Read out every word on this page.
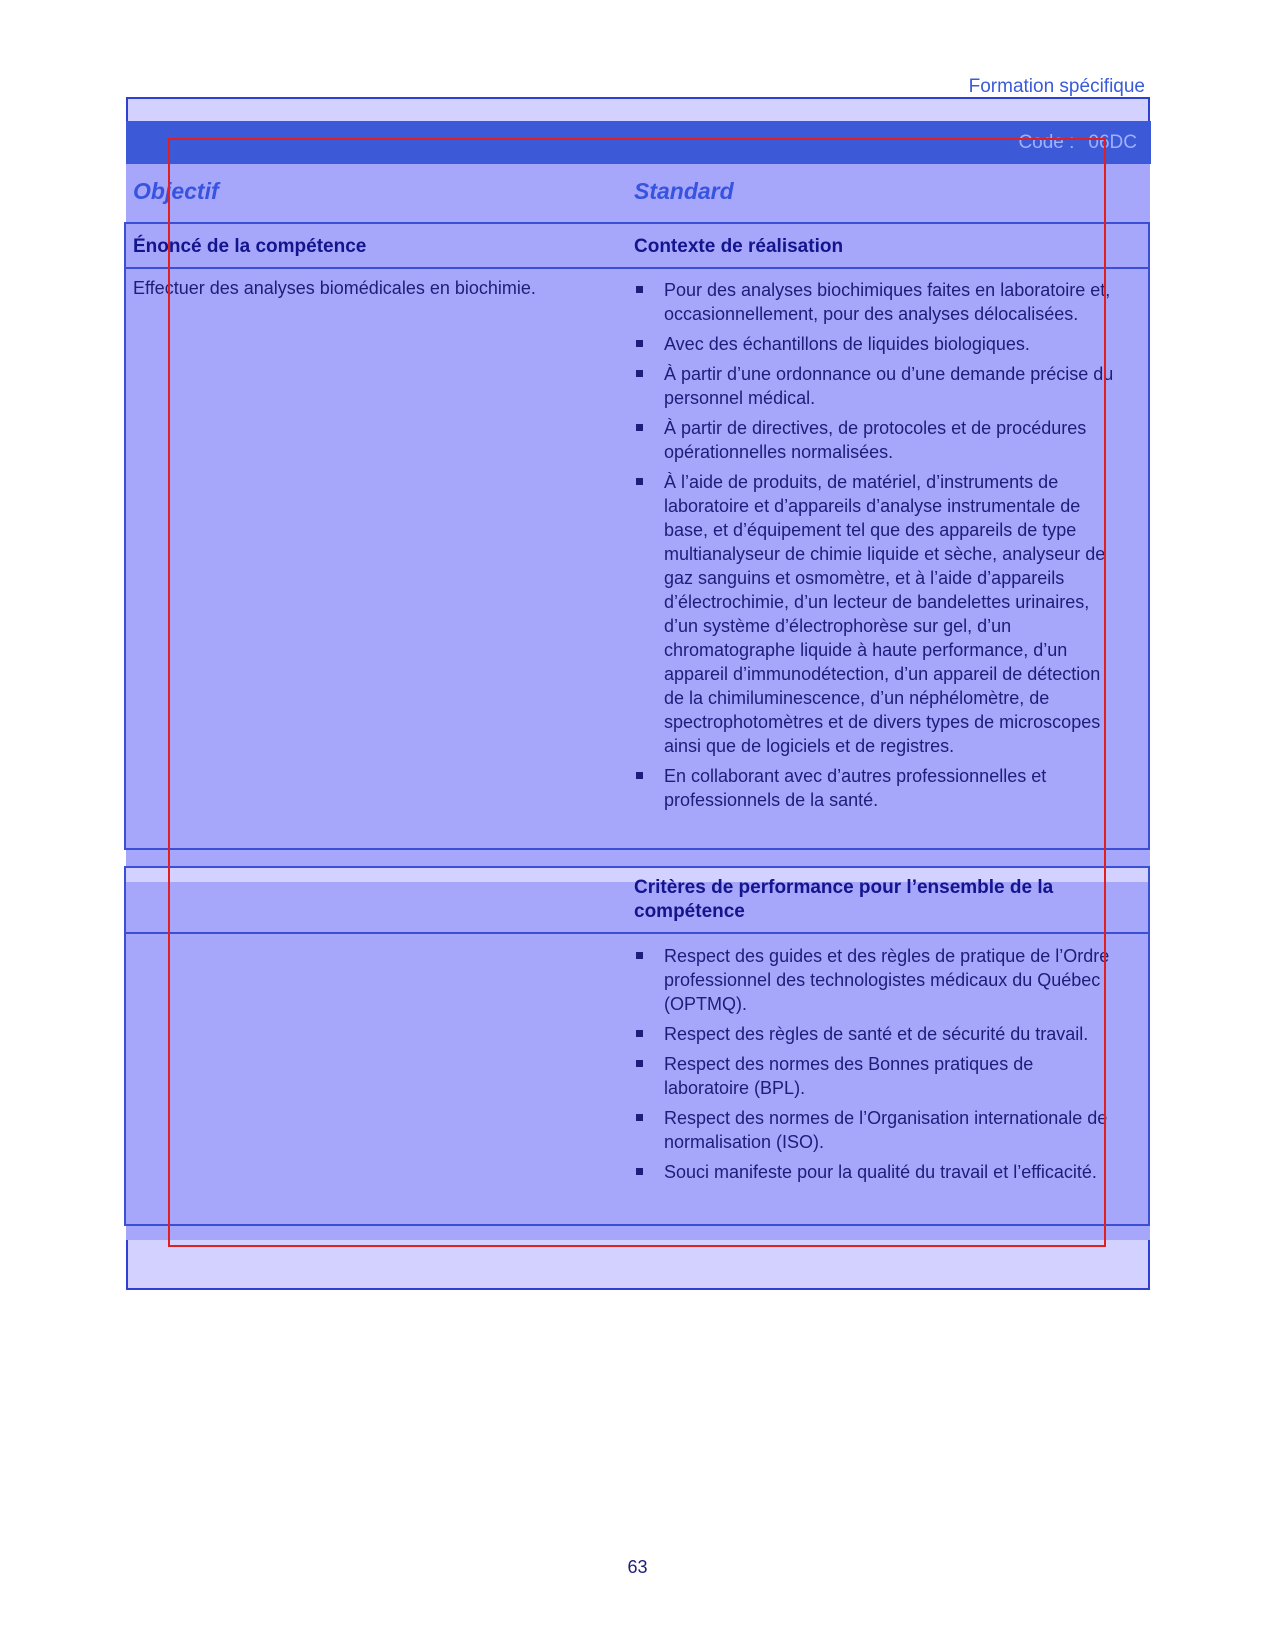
Formation spécifique
Code : 06DC
Objectif	Standard
Énoncé de la compétence	Contexte de réalisation
Effectuer des analyses biomédicales en biochimie.	Pour des analyses biochimiques faites en laboratoire et, occasionnellement, pour des analyses délocalisées.
Avec des échantillons de liquides biologiques.
À partir d’une ordonnance ou d’une demande précise du personnel médical.
À partir de directives, de protocoles et de procédures opérationnelles normalisées.
À l’aide de produits, de matériel, d’instruments de laboratoire et d’appareils d’analyse instrumentale de base, et d’équipement tel que des appareils de type multianalyseur de chimie liquide et sèche, analyseur de gaz sanguins et osmomètre, et à l’aide d’appareils d’électrochimie, d’un lecteur de bandelettes urinaires, d’un système d’électrophorèse sur gel, d’un chromatographe liquide à haute performance, d’un appareil d’immunodétection, d’un appareil de détection de la chimiluminescence, d’un néphélomètre, de spectrophotomètres et de divers types de microscopes ainsi que de logiciels et de registres.
En collaborant avec d’autres professionnelles et professionnels de la santé.
Critères de performance pour l’ensemble de la compétence
Respect des guides et des règles de pratique de l’Ordre professionnel des technologistes médicaux du Québec (OPTMQ).
Respect des règles de santé et de sécurité du travail.
Respect des normes des Bonnes pratiques de laboratoire (BPL).
Respect des normes de l’Organisation internationale de normalisation (ISO).
Souci manifeste pour la qualité du travail et l’efficacité.
63
